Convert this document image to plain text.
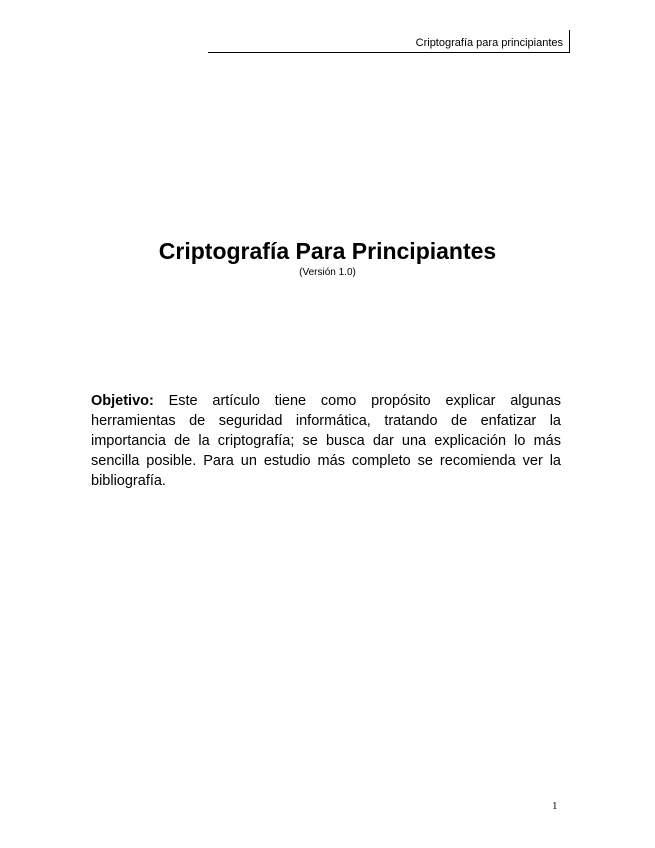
Criptografía para principiantes
Criptografía Para Principiantes
(Versión 1.0)

Objetivo: Este artículo tiene como propósito explicar algunas herramientas de seguridad informática, tratando de enfatizar la importancia de la criptografía; se busca dar una explicación lo más sencilla posible. Para un estudio más completo se recomienda ver la bibliografía.

1
